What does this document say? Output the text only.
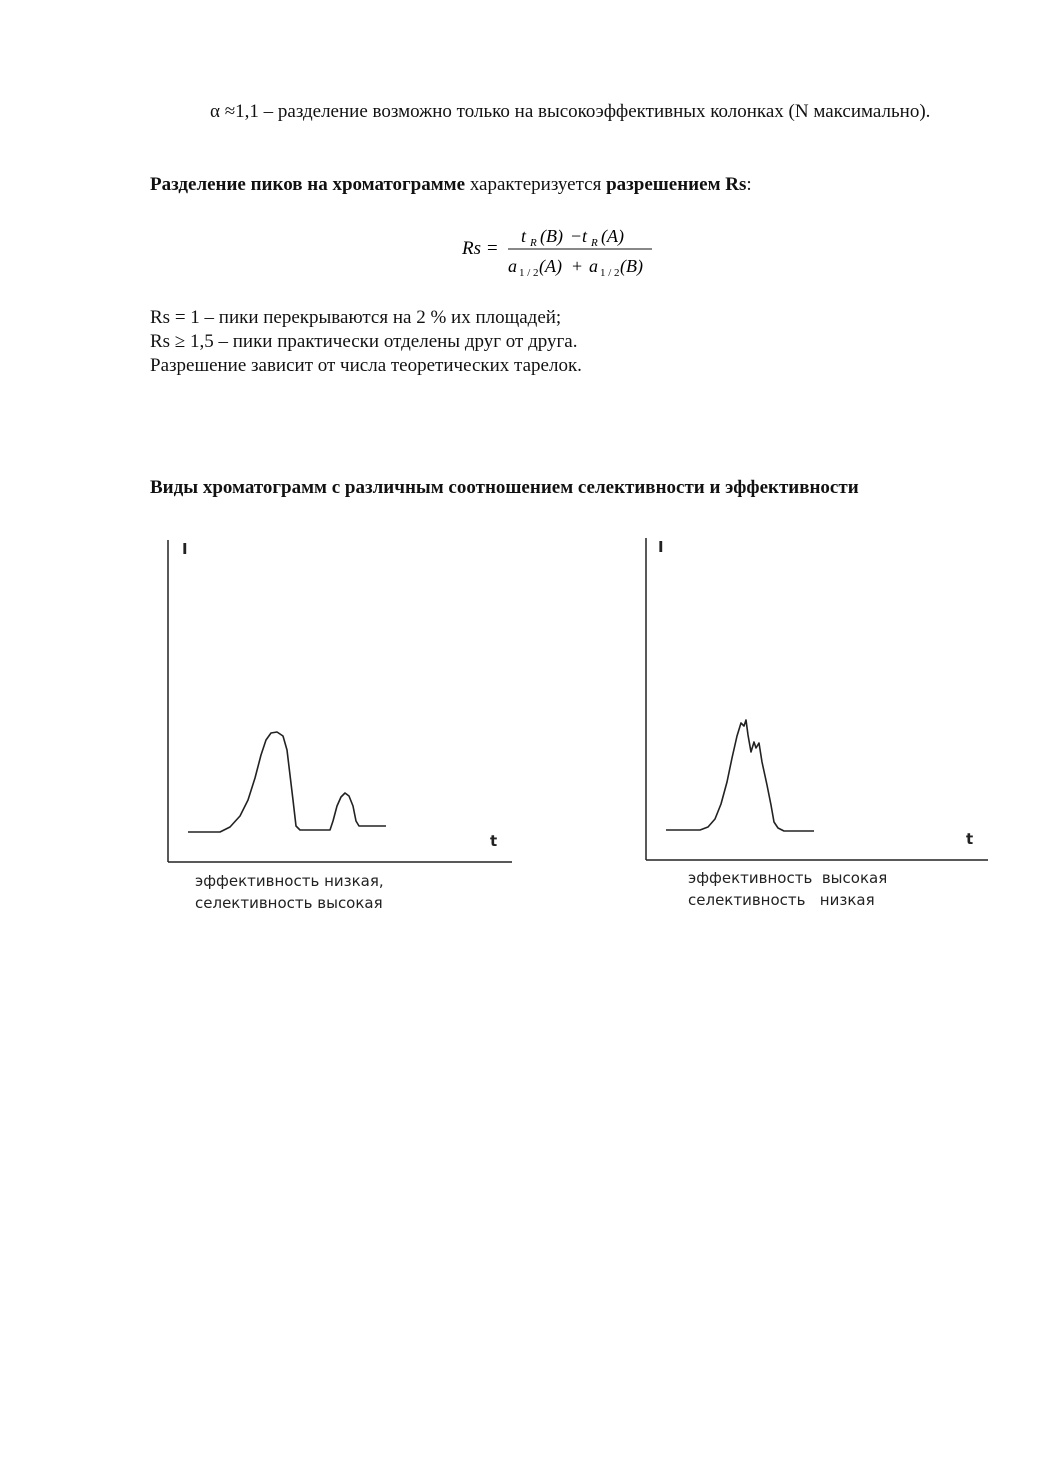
α ≈1,1 – разделение возможно только на высокоэффективных колонках (N максимально).
Разделение пиков на хроматограмме характеризуется разрешением Rs:
Rs =
t R (B) − t R (A)
a 1 / 2 (A) + a 1 / 2 (B)
Rs = 1 – пики перекрываются на 2 % их площадей;
Rs ≥ 1,5 – пики практически отделены друг от друга.
Разрешение зависит от числа теоретических тарелок.
Виды хроматограмм с различным соотношением селективности и эффективности
I
t
эффективность низкая,
селективность высокая
I
t
эффективность  высокая
селективность   низкая
